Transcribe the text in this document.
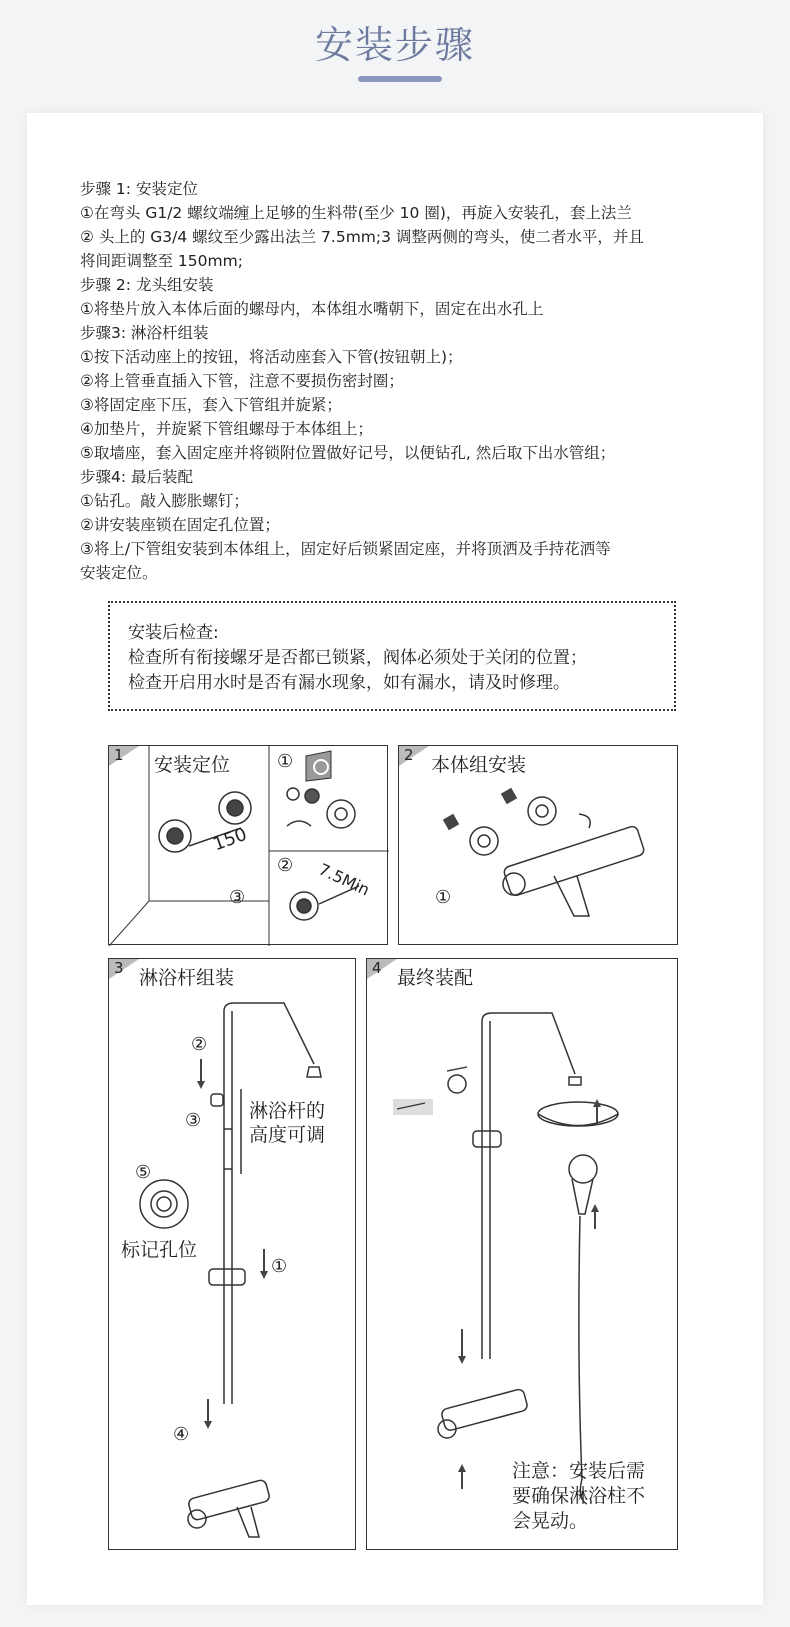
安装步骤
步骤 1: 安装定位
①在弯头 G1/2 螺纹端缠上足够的生料带(至少 10 圈)，再旋入安装孔，套上法兰
② 头上的 G3/4 螺纹至少露出法兰 7.5mm;3 调整两侧的弯头，使二者水平，并且
将间距调整至 150mm;
步骤 2: 龙头组安装
①将垫片放入本体后面的螺母内，本体组水嘴朝下，固定在出水孔上
步骤3: 淋浴杆组装
①按下活动座上的按钮，将活动座套入下管(按钮朝上)；
②将上管垂直插入下管，注意不要损伤密封圈；
③将固定座下压，套入下管组并旋紧；
④加垫片，并旋紧下管组螺母于本体组上；
⑤取墙座，套入固定座并将锁附位置做好记号，以便钻孔, 然后取下出水管组；
步骤4: 最后装配
①钻孔。敲入膨胀螺钉；
②讲安装座锁在固定孔位置；
③将上/下管组安装到本体组上，固定好后锁紧固定座，并将顶洒及手持花洒等
安装定位。
安装后检查:
检查所有衔接螺牙是否都已锁紧，阀体必须处于关闭的位置；
检查开启用水时是否有漏水现象，如有漏水，请及时修理。
1 安装定位
150
③
①
② 7.5Min
2 本体组安装
①
3 淋浴杆组装
②
③
⑤
①
④
淋浴杆的
高度可调
标记孔位
4 最终装配
注意：安装后需
要确保淋浴柱不
会晃动。
